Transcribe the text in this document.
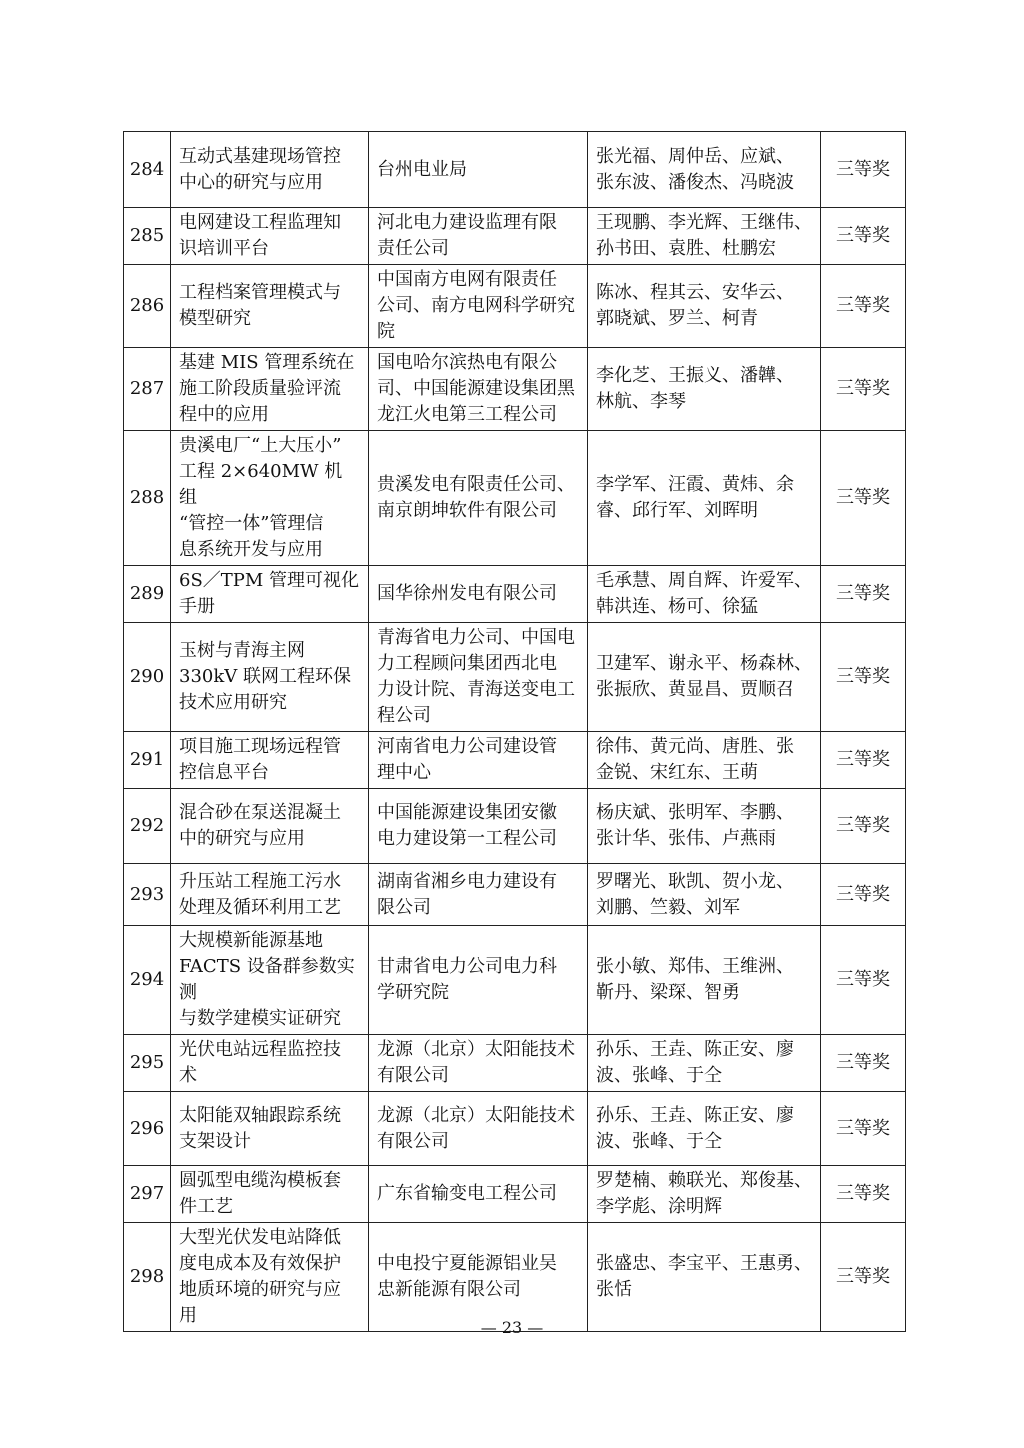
284	互动式基建现场管控
中心的研究与应用	台州电业局	张光福、周仲岳、应斌、
张东波、潘俊杰、冯晓波	三等奖

285	电网建设工程监理知
识培训平台	河北电力建设监理有限
责任公司	王现鹏、李光辉、王继伟、
孙书田、袁胜、杜鹏宏	三等奖

286	工程档案管理模式与
模型研究	中国南方电网有限责任
公司、南方电网科学研究
院	陈冰、程其云、安华云、
郭晓斌、罗兰、柯青	三等奖

287	基建 MIS 管理系统在
施工阶段质量验评流
程中的应用	国电哈尔滨热电有限公
司、中国能源建设集团黑
龙江火电第三工程公司	李化芝、王振义、潘韡、
林航、李琴	三等奖

288	贵溪电厂“上大压小”
工程 2×640MW 机组
“管控一体”管理信
息系统开发与应用	贵溪发电有限责任公司、
南京朗坤软件有限公司	李学军、汪霞、黄炜、余
睿、邱行军、刘晖明	三等奖

289	6S／TPM 管理可视化
手册	国华徐州发电有限公司	毛承慧、周自辉、许爱军、
韩洪连、杨可、徐猛	三等奖

290	玉树与青海主网
330kV 联网工程环保
技术应用研究	青海省电力公司、中国电
力工程顾问集团西北电
力设计院、青海送变电工
程公司	卫建军、谢永平、杨森林、
张振欣、黄显昌、贾顺召	三等奖

291	项目施工现场远程管
控信息平台	河南省电力公司建设管
理中心	徐伟、黄元尚、唐胜、张
金锐、宋红东、王萌	三等奖

292	混合砂在泵送混凝土
中的研究与应用	中国能源建设集团安徽
电力建设第一工程公司	杨庆斌、张明军、李鹏、
张计华、张伟、卢燕雨	三等奖

293	升压站工程施工污水
处理及循环利用工艺	湖南省湘乡电力建设有
限公司	罗曙光、耿凯、贺小龙、
刘鹏、竺毅、刘军	三等奖

294	大规模新能源基地
FACTS 设备群参数实测
与数学建模实证研究	甘肃省电力公司电力科
学研究院	张小敏、郑伟、王维洲、
靳丹、梁琛、智勇	三等奖

295	光伏电站远程监控技
术	龙源（北京）太阳能技术
有限公司	孙乐、王垚、陈正安、廖
波、张峰、于仝	三等奖

296	太阳能双轴跟踪系统
支架设计	龙源（北京）太阳能技术
有限公司	孙乐、王垚、陈正安、廖
波、张峰、于仝	三等奖

297	圆弧型电缆沟模板套
件工艺	广东省输变电工程公司	罗楚楠、赖联光、郑俊基、
李学彪、涂明辉	三等奖

298	大型光伏发电站降低
度电成本及有效保护
地质环境的研究与应
用	中电投宁夏能源铝业吴
忠新能源有限公司	张盛忠、李宝平、王惠勇、
张恬	三等奖
— 23 —
